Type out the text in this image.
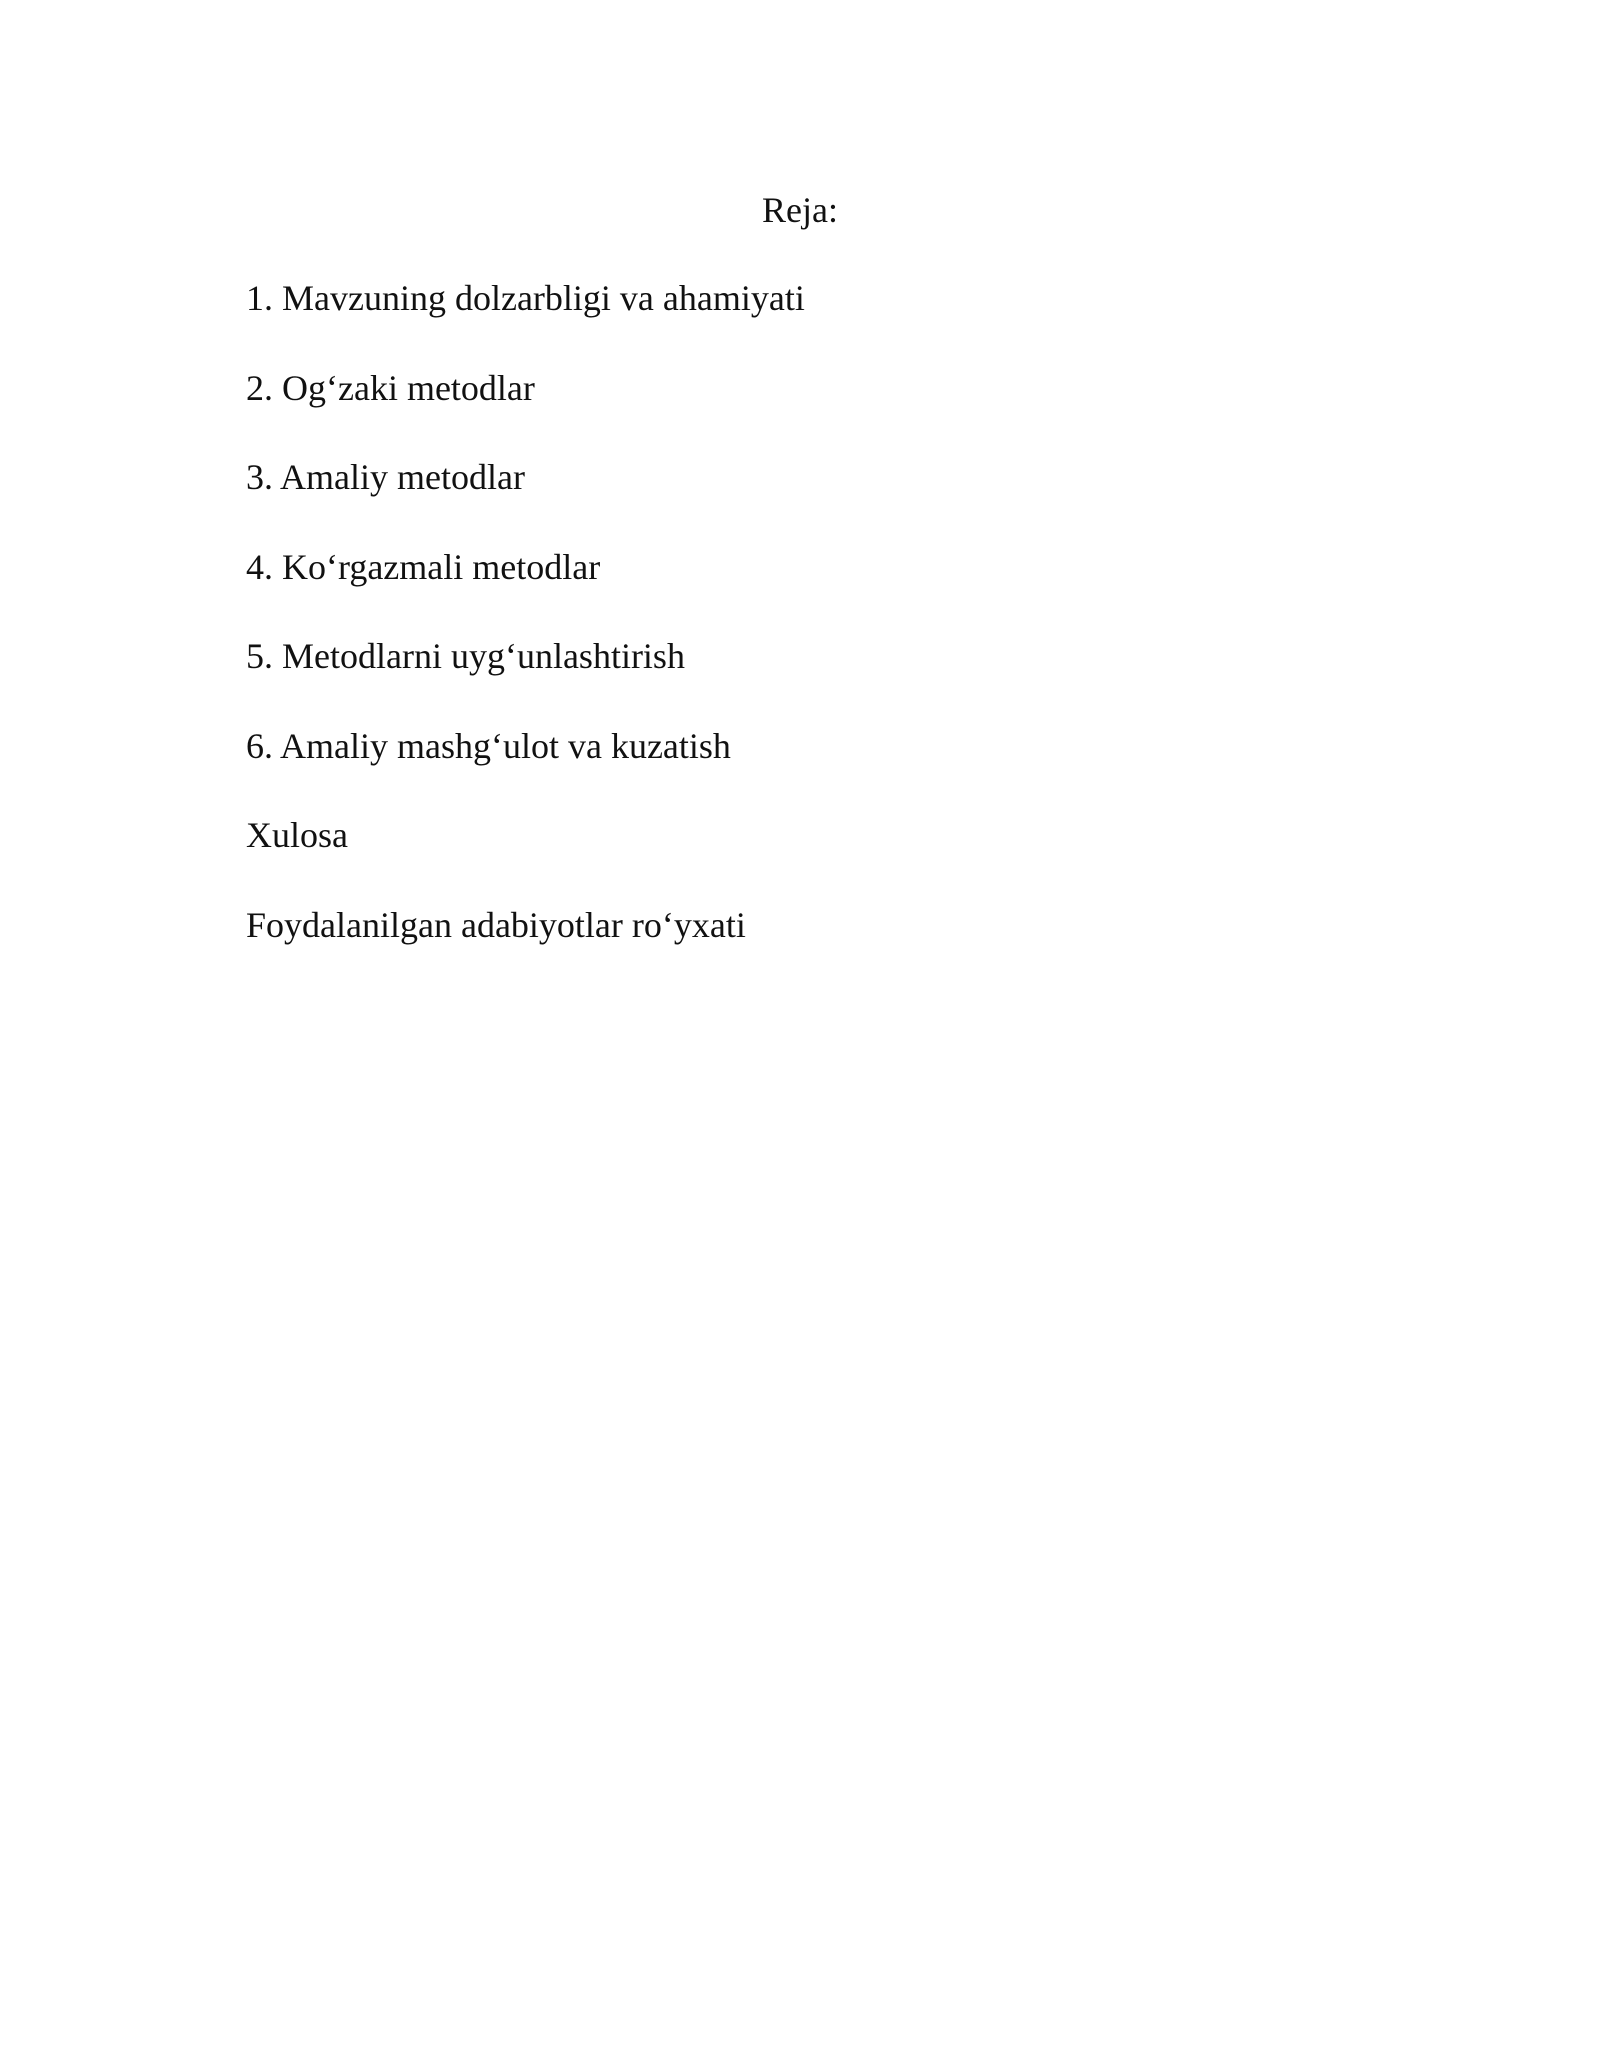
Reja:
1. Mavzuning dolzarbligi va ahamiyati
2. Og‘zaki metodlar
3. Amaliy metodlar
4. Ko‘rgazmali metodlar
5. Metodlarni uyg‘unlashtirish
6. Amaliy mashg‘ulot va kuzatish
Xulosa
Foydalanilgan adabiyotlar ro‘yxati
